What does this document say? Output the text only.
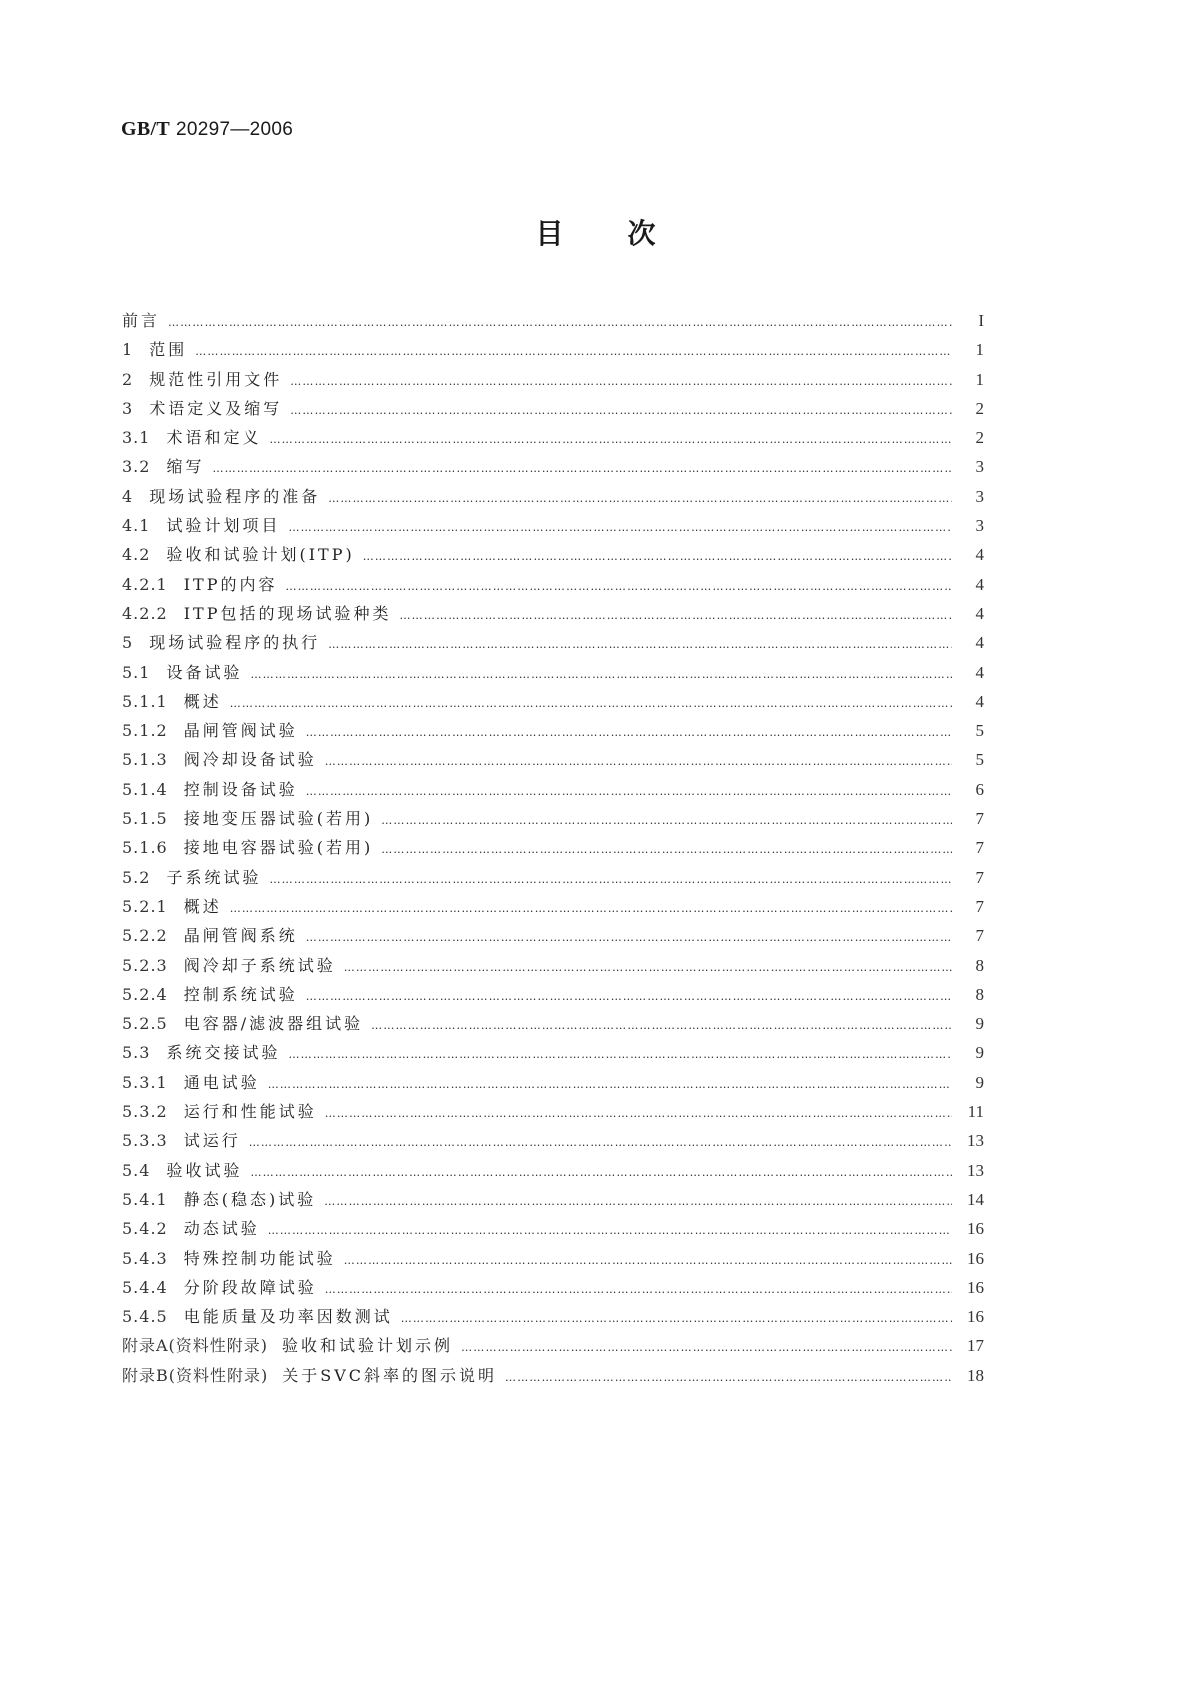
GB/T 20297—2006
目 次
前言 ……………………………………………………………………………………………………………………………………………………………………………………………………………………………………………	I
1 范围 ……………………………………………………………………………………………………………………………………………………………………………………………………………………………………………	1
2 规范性引用文件 ……………………………………………………………………………………………………………………………………………………………………………………………………………………………………………	1
3 术语定义及缩写 ……………………………………………………………………………………………………………………………………………………………………………………………………………………………………………	2
3.1 术语和定义 ……………………………………………………………………………………………………………………………………………………………………………………………………………………………………………	2
3.2 缩写 ……………………………………………………………………………………………………………………………………………………………………………………………………………………………………………	3
4 现场试验程序的准备 ……………………………………………………………………………………………………………………………………………………………………………………………………………………………………………	3
4.1 试验计划项目 ……………………………………………………………………………………………………………………………………………………………………………………………………………………………………………	3
4.2 验收和试验计划(ITP) ……………………………………………………………………………………………………………………………………………………………………………………………………………………………………………	4
4.2.1 ITP的内容 ……………………………………………………………………………………………………………………………………………………………………………………………………………………………………………	4
4.2.2 ITP包括的现场试验种类 ……………………………………………………………………………………………………………………………………………………………………………………………………………………………………………	4
5 现场试验程序的执行 ……………………………………………………………………………………………………………………………………………………………………………………………………………………………………………	4
5.1 设备试验 ……………………………………………………………………………………………………………………………………………………………………………………………………………………………………………	4
5.1.1 概述 ……………………………………………………………………………………………………………………………………………………………………………………………………………………………………………	4
5.1.2 晶闸管阀试验 ……………………………………………………………………………………………………………………………………………………………………………………………………………………………………………	5
5.1.3 阀冷却设备试验 ……………………………………………………………………………………………………………………………………………………………………………………………………………………………………………	5
5.1.4 控制设备试验 ……………………………………………………………………………………………………………………………………………………………………………………………………………………………………………	6
5.1.5 接地变压器试验(若用) ……………………………………………………………………………………………………………………………………………………………………………………………………………………………………………	7
5.1.6 接地电容器试验(若用) ……………………………………………………………………………………………………………………………………………………………………………………………………………………………………………	7
5.2 子系统试验 ……………………………………………………………………………………………………………………………………………………………………………………………………………………………………………	7
5.2.1 概述 ……………………………………………………………………………………………………………………………………………………………………………………………………………………………………………	7
5.2.2 晶闸管阀系统 ……………………………………………………………………………………………………………………………………………………………………………………………………………………………………………	7
5.2.3 阀冷却子系统试验 ……………………………………………………………………………………………………………………………………………………………………………………………………………………………………………	8
5.2.4 控制系统试验 ……………………………………………………………………………………………………………………………………………………………………………………………………………………………………………	8
5.2.5 电容器/滤波器组试验 ……………………………………………………………………………………………………………………………………………………………………………………………………………………………………………	9
5.3 系统交接试验 ……………………………………………………………………………………………………………………………………………………………………………………………………………………………………………	9
5.3.1 通电试验 ……………………………………………………………………………………………………………………………………………………………………………………………………………………………………………	9
5.3.2 运行和性能试验 ……………………………………………………………………………………………………………………………………………………………………………………………………………………………………………	11
5.3.3 试运行 ……………………………………………………………………………………………………………………………………………………………………………………………………………………………………………	13
5.4 验收试验 ……………………………………………………………………………………………………………………………………………………………………………………………………………………………………………	13
5.4.1 静态(稳态)试验 ……………………………………………………………………………………………………………………………………………………………………………………………………………………………………………	14
5.4.2 动态试验 ……………………………………………………………………………………………………………………………………………………………………………………………………………………………………………	16
5.4.3 特殊控制功能试验 ……………………………………………………………………………………………………………………………………………………………………………………………………………………………………………	16
5.4.4 分阶段故障试验 ……………………………………………………………………………………………………………………………………………………………………………………………………………………………………………	16
5.4.5 电能质量及功率因数测试 ……………………………………………………………………………………………………………………………………………………………………………………………………………………………………………	16
附录A(资料性附录) 验收和试验计划示例 ……………………………………………………………………………………………………………………………………………………………………………………………………………………………………………	17
附录B(资料性附录) 关于SVC斜率的图示说明 ……………………………………………………………………………………………………………………………………………………………………………………………………………………………………………	18
